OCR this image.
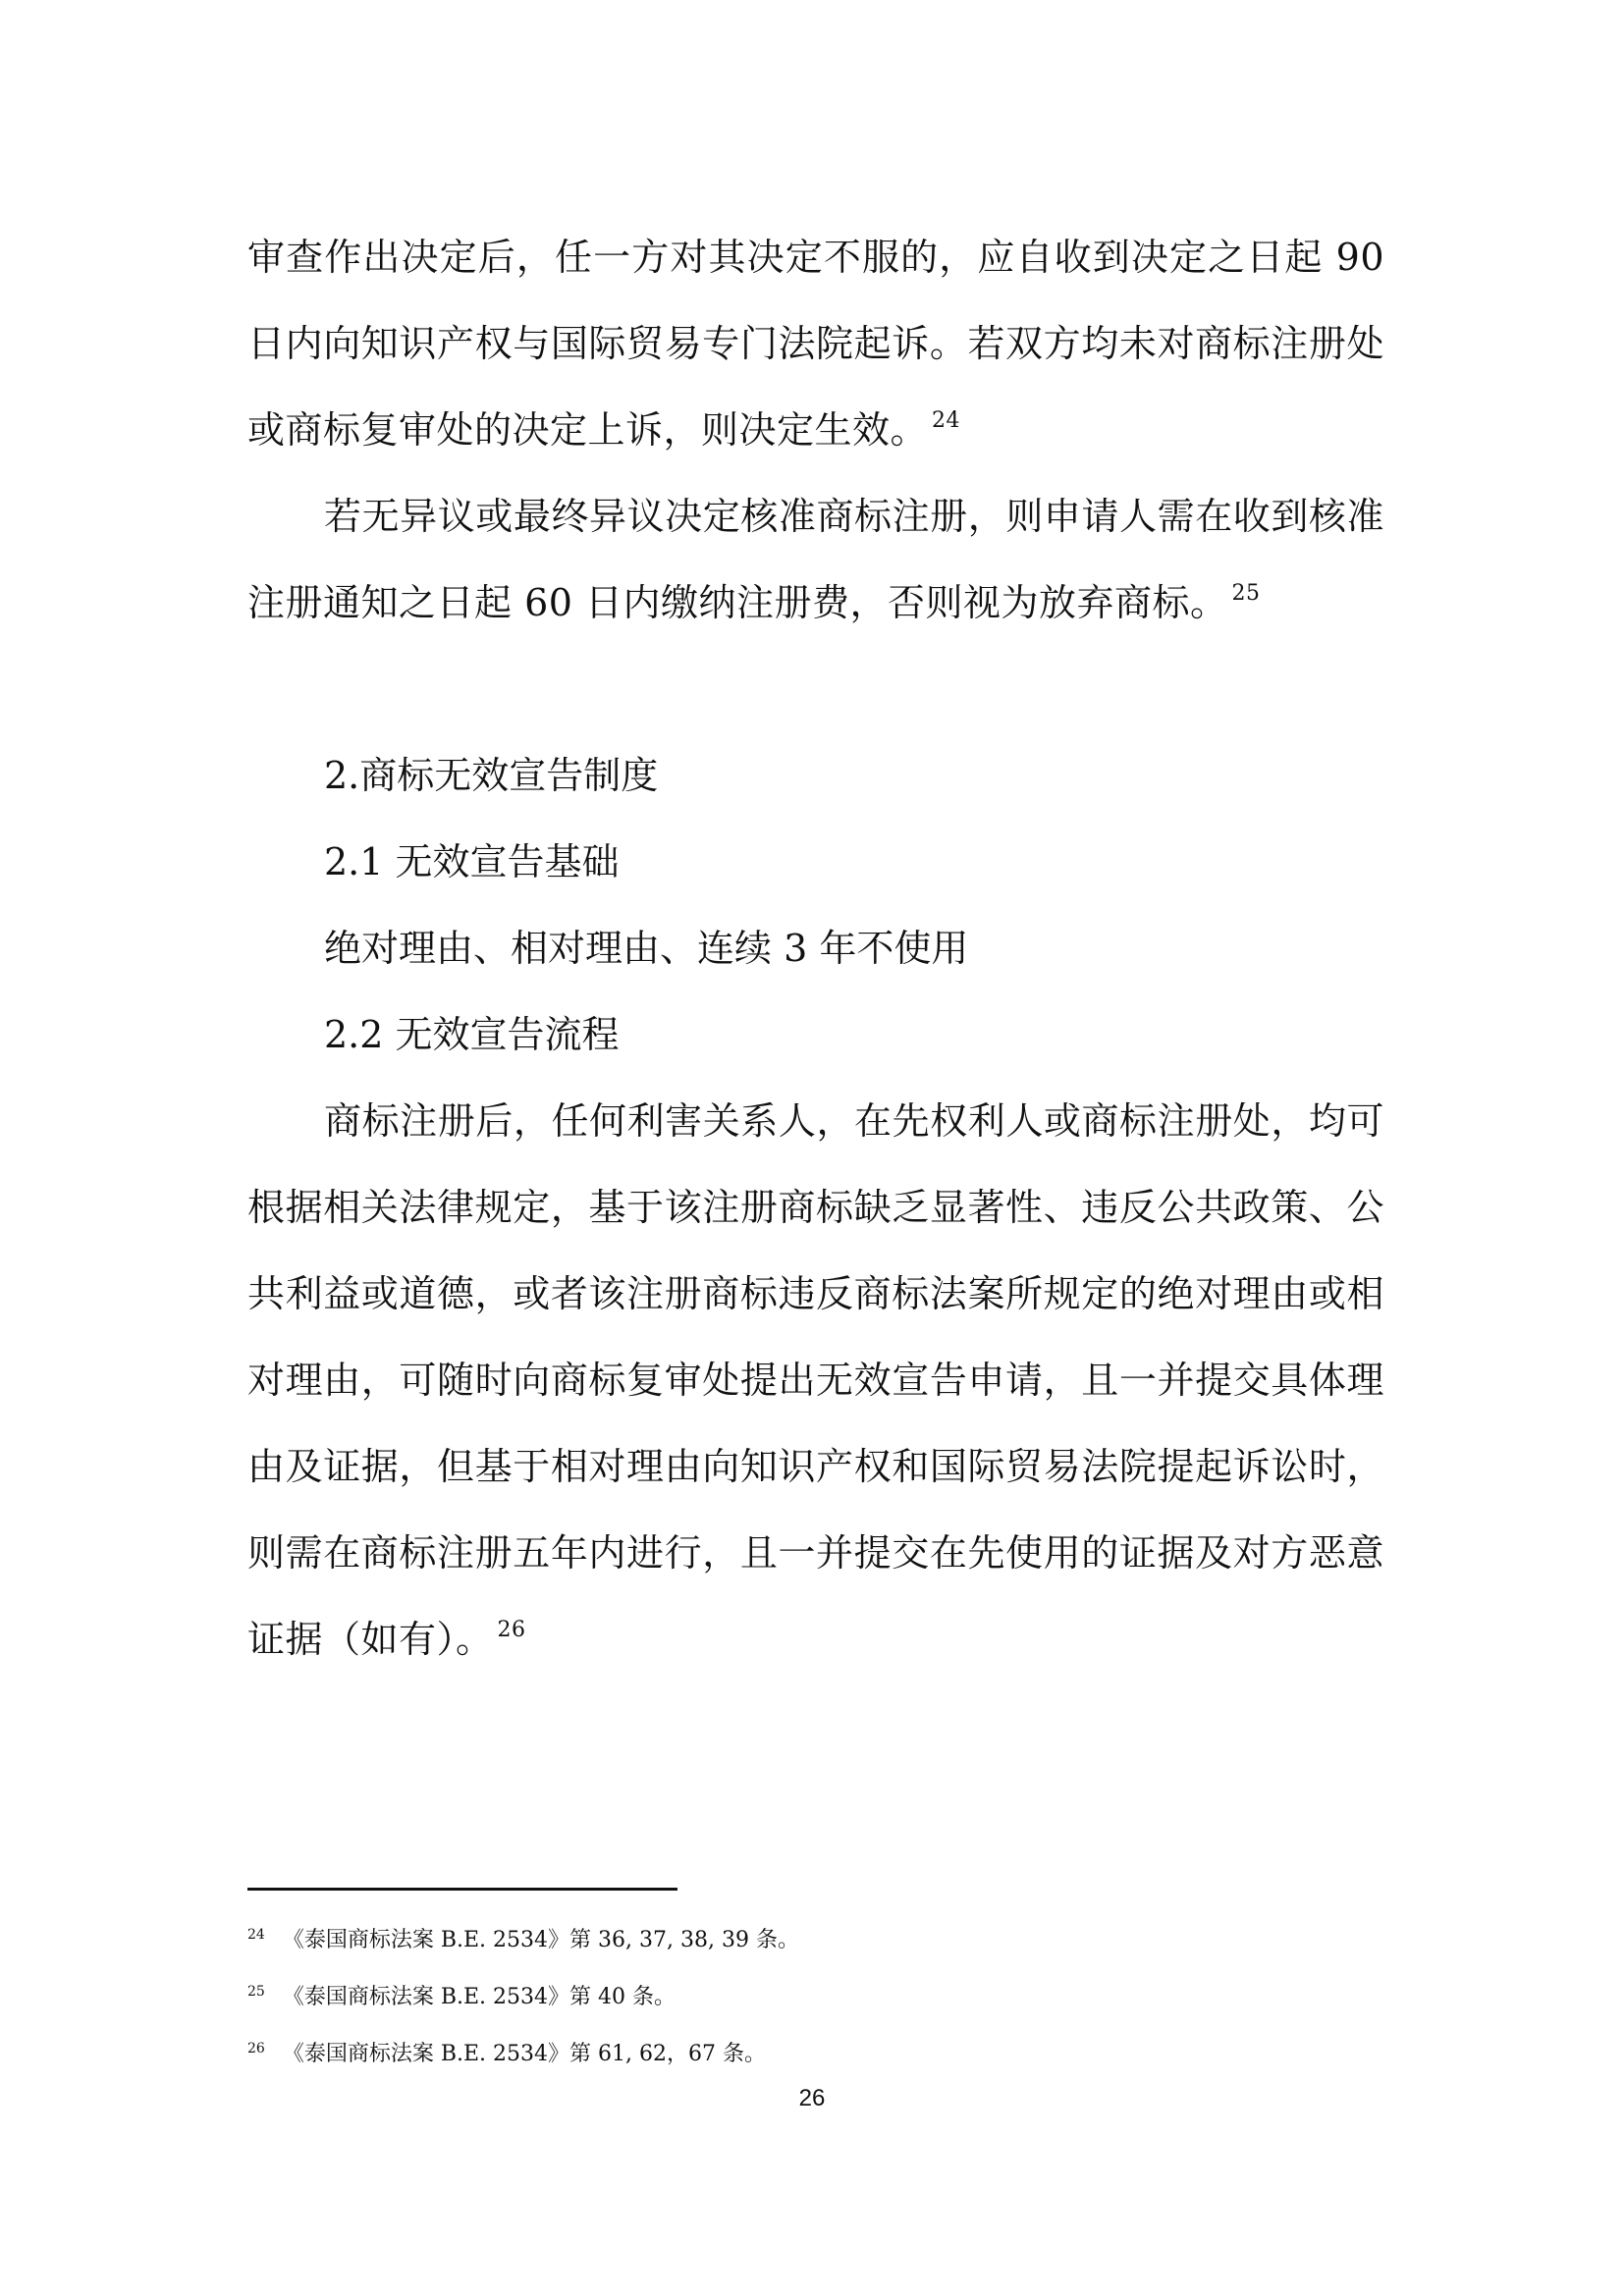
审查作出决定后，任一方对其决定不服的，应自收到决定之日起 90 日内向知识产权与国际贸易专门法院起诉。若双方均未对商标注册处或商标复审处的决定上诉，则决定生效。 $^{24}$

若无异议或最终异议决定核准商标注册，则申请人需在收到核准注册通知之日起 60 日内缴纳注册费，否则视为放弃商标。 $^{25}$

2.商标无效宣告制度

2.1 无效宣告基础

绝对理由、相对理由、连续 3 年不使用

2.2 无效宣告流程

商标注册后，任何利害关系人，在先权利人或商标注册处，均可根据相关法律规定，基于该注册商标缺乏显著性、违反公共政策、公共利益或道德，或者该注册商标违反商标法案所规定的绝对理由或相对理由，可随时向商标复审处提出无效宣告申请，且一并提交具体理由及证据，但基于相对理由向知识产权和国际贸易法院提起诉讼时，则需在商标注册五年内进行，且一并提交在先使用的证据及对方恶意证据（如有）。 $^{26}$

$^{24}$ 《泰国商标法案 B.E. 2534》第 36, 37, 38, 39 条。

$^{25}$ 《泰国商标法案 B.E. 2534》第 40 条。

$^{26}$ 《泰国商标法案 B.E. 2534》第 61, 62，67 条。

26
